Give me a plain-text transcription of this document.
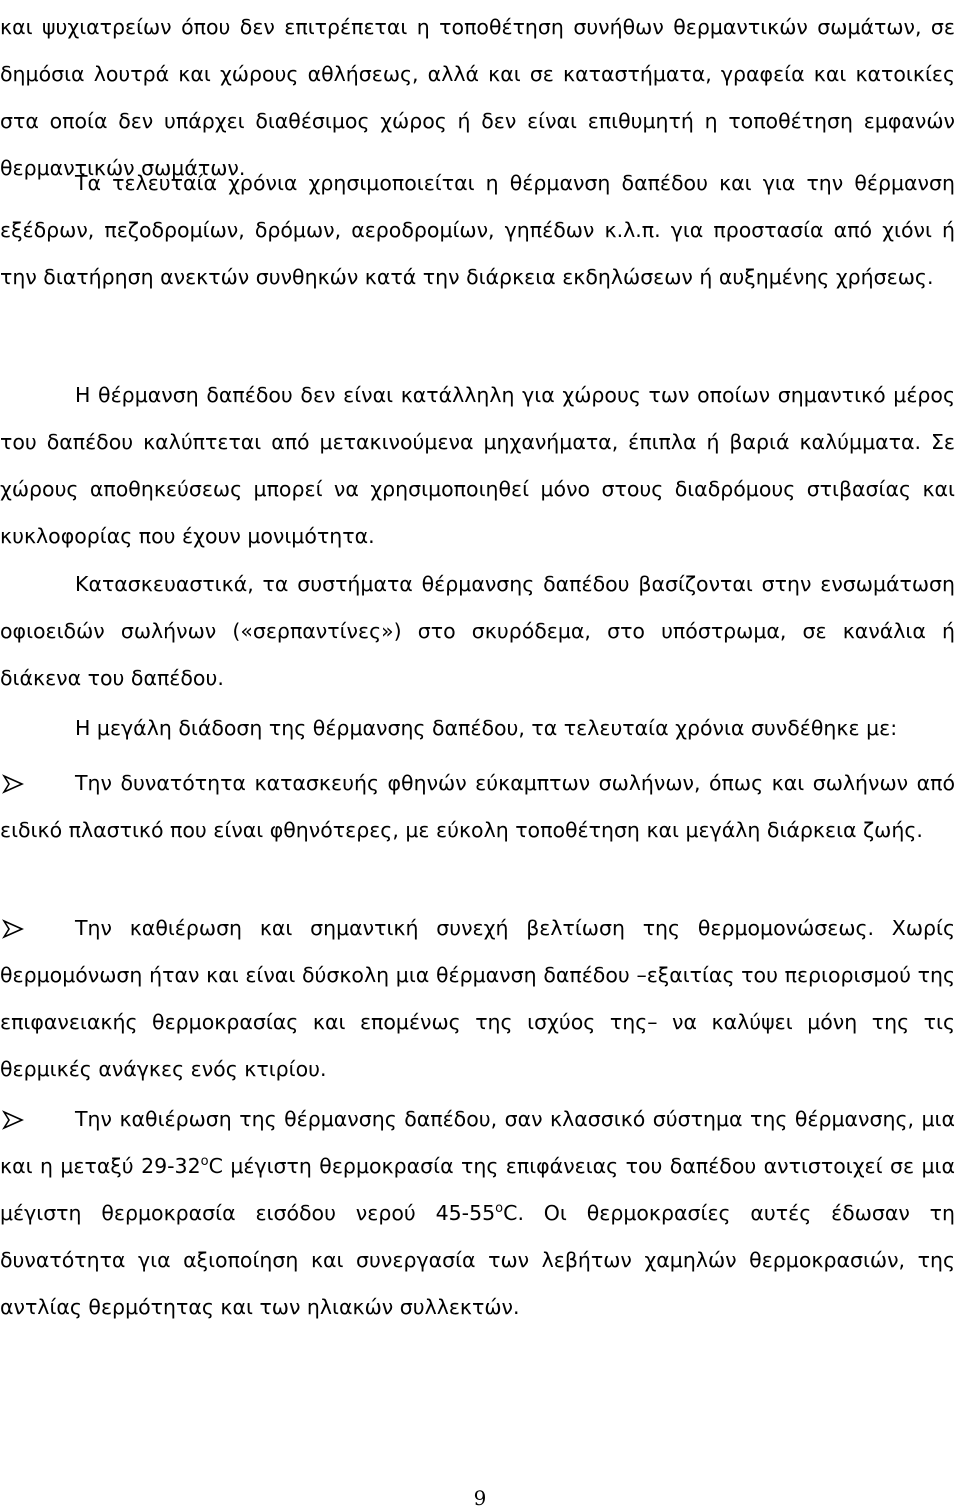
και ψυχιατρείων όπου δεν επιτρέπεται η τοποθέτηση συνήθων θερμαντικών σωμάτων, σε δημόσια λουτρά και χώρους αθλήσεως, αλλά και σε καταστήματα, γραφεία και κατοικίες στα οποία δεν υπάρχει διαθέσιμος χώρος ή δεν είναι επιθυμητή η τοποθέτηση εμφανών θερμαντικών σωμάτων.

Τα τελευταία χρόνια χρησιμοποιείται η θέρμανση δαπέδου και για την θέρμανση εξέδρων, πεζοδρομίων, δρόμων, αεροδρομίων, γηπέδων κ.λ.π. για προστασία από χιόνι ή την διατήρηση ανεκτών συνθηκών κατά την διάρκεια εκδηλώσεων ή αυξημένης χρήσεως.

Η θέρμανση δαπέδου δεν είναι κατάλληλη για χώρους των οποίων σημαντικό μέρος του δαπέδου καλύπτεται από μετακινούμενα μηχανήματα, έπιπλα ή βαριά καλύμματα. Σε χώρους αποθηκεύσεως μπορεί να χρησιμοποιηθεί μόνο στους διαδρόμους στιβασίας και κυκλοφορίας που έχουν μονιμότητα.

Κατασκευαστικά, τα συστήματα θέρμανσης δαπέδου βασίζονται στην ενσωμάτωση οφιοειδών σωλήνων («σερπαντίνες») στο σκυρόδεμα, στο υπόστρωμα, σε κανάλια ή διάκενα του δαπέδου.

Η μεγάλη διάδοση της θέρμανσης δαπέδου, τα τελευταία χρόνια συνδέθηκε με:

Την δυνατότητα κατασκευής φθηνών εύκαμπτων σωλήνων, όπως και σωλήνων από ειδικό πλαστικό που είναι φθηνότερες, με εύκολη τοποθέτηση και μεγάλη διάρκεια ζωής.

Την καθιέρωση και σημαντική συνεχή βελτίωση της θερμομονώσεως. Χωρίς θερμομόνωση ήταν και είναι δύσκολη μια θέρμανση δαπέδου –εξαιτίας του περιορισμού της επιφανειακής θερμοκρασίας και επομένως της ισχύος της– να καλύψει μόνη της τις θερμικές ανάγκες ενός κτιρίου.

Την καθιέρωση της θέρμανσης δαπέδου, σαν κλασσικό σύστημα της θέρμανσης, μια και η μεταξύ $29-32^oC$ μέγιστη θερμοκρασία της επιφάνειας του δαπέδου αντιστοιχεί σε μια μέγιστη θερμοκρασία εισόδου νερού $45-55^oC$. Οι θερμοκρασίες αυτές έδωσαν τη δυνατότητα για αξιοποίηση και συνεργασία των λεβήτων χαμηλών θερμοκρασιών, της αντλίας θερμότητας και των ηλιακών συλλεκτών.

9
